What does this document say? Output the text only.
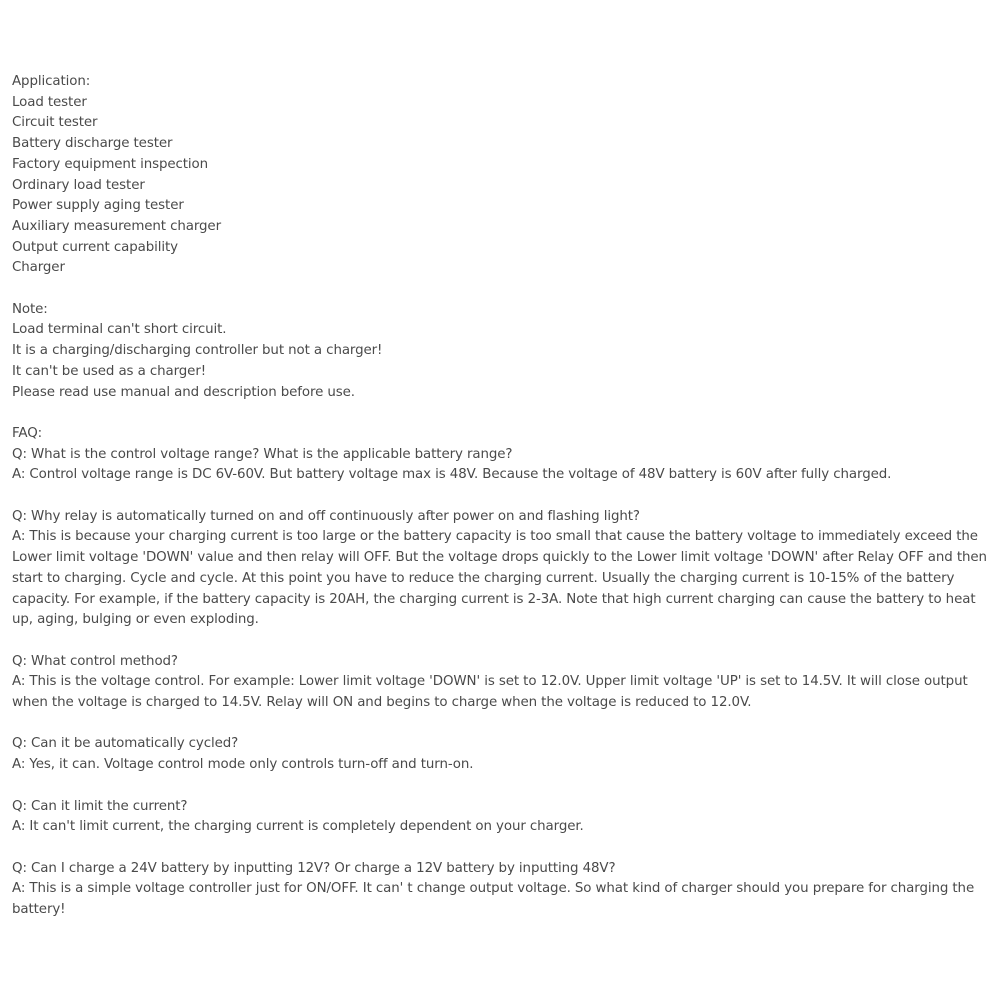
Application:
Load tester
Circuit tester
Battery discharge tester
Factory equipment inspection
Ordinary load tester
Power supply aging tester
Auxiliary measurement charger
Output current capability
Charger
Note:
Load terminal can't short circuit.
It is a charging/discharging controller but not a charger!
It can't be used as a charger!
Please read use manual and description before use.
FAQ:
Q: What is the control voltage range? What is the applicable battery range?
A: Control voltage range is DC 6V-60V. But battery voltage max is 48V. Because the voltage of 48V battery is 60V after fully charged.
Q: Why relay is automatically turned on and off continuously after power on and flashing light?
A: This is because your charging current is too large or the battery capacity is too small that cause the battery voltage to immediately exceed the Lower limit voltage 'DOWN' value and then relay will OFF. But the voltage drops quickly to the Lower limit voltage 'DOWN' after Relay OFF and then start to charging. Cycle and cycle. At this point you have to reduce the charging current. Usually the charging current is 10-15% of the battery capacity. For example, if the battery capacity is 20AH, the charging current is 2-3A. Note that high current charging can cause the battery to heat up, aging, bulging or even exploding.
Q: What control method?
A: This is the voltage control. For example: Lower limit voltage 'DOWN' is set to 12.0V. Upper limit voltage 'UP' is set to 14.5V. It will close output when the voltage is charged to 14.5V. Relay will ON and begins to charge when the voltage is reduced to 12.0V.
Q: Can it be automatically cycled?
A: Yes, it can. Voltage control mode only controls turn-off and turn-on.
Q: Can it limit the current?
A: It can't limit current, the charging current is completely dependent on your charger.
Q: Can I charge a 24V battery by inputting 12V? Or charge a 12V battery by inputting 48V?
A: This is a simple voltage controller just for ON/OFF. It can' t change output voltage. So what kind of charger should you prepare for charging the battery!
